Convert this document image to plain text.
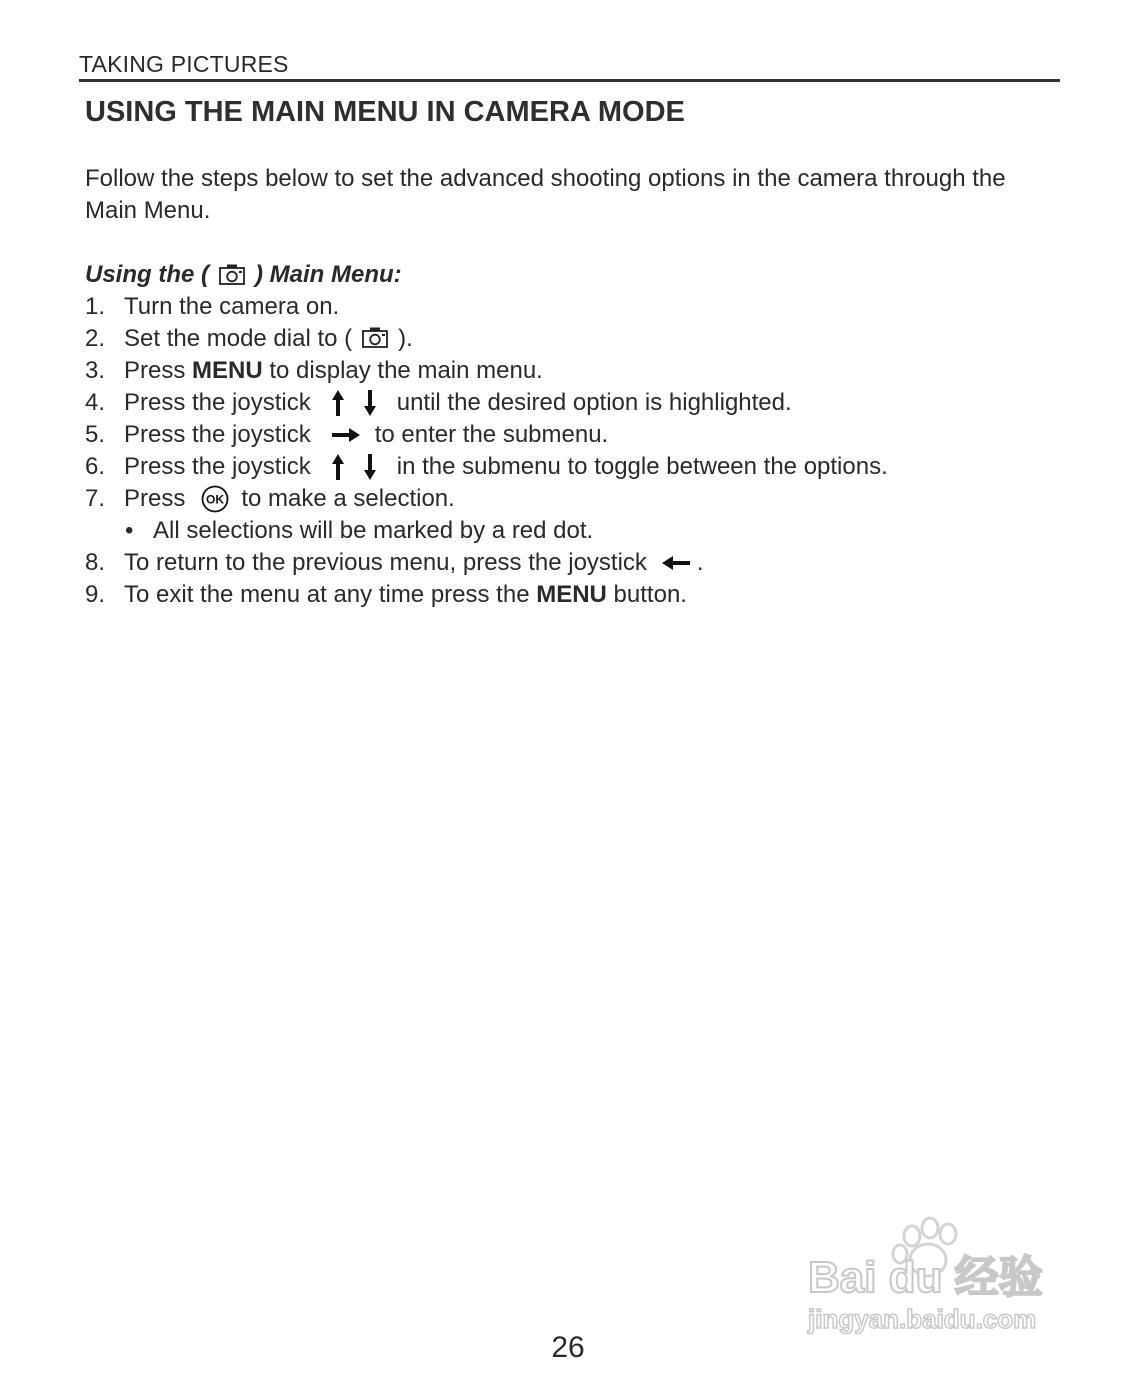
TAKING PICTURES
USING THE MAIN MENU IN CAMERA MODE

Follow the steps below to set the advanced shooting options in the camera through the Main Menu.

Using the ( ) Main Menu:

1. Turn the camera on.
2. Set the mode dial to ( ).
3. Press MENU to display the main menu.
4. Press the joystick	until the desired option is highlighted.
5. Press the joystick	to enter the submenu.
6. Press the joystick	in the submenu to toggle between the options.
7. Press OK to make a selection.
• All selections will be marked by a red dot.
8. To return to the previous menu, press the joystick .
9. To exit the menu at any time press the MENU button.
Bai du 经验
jingyan.baidu.com
26
